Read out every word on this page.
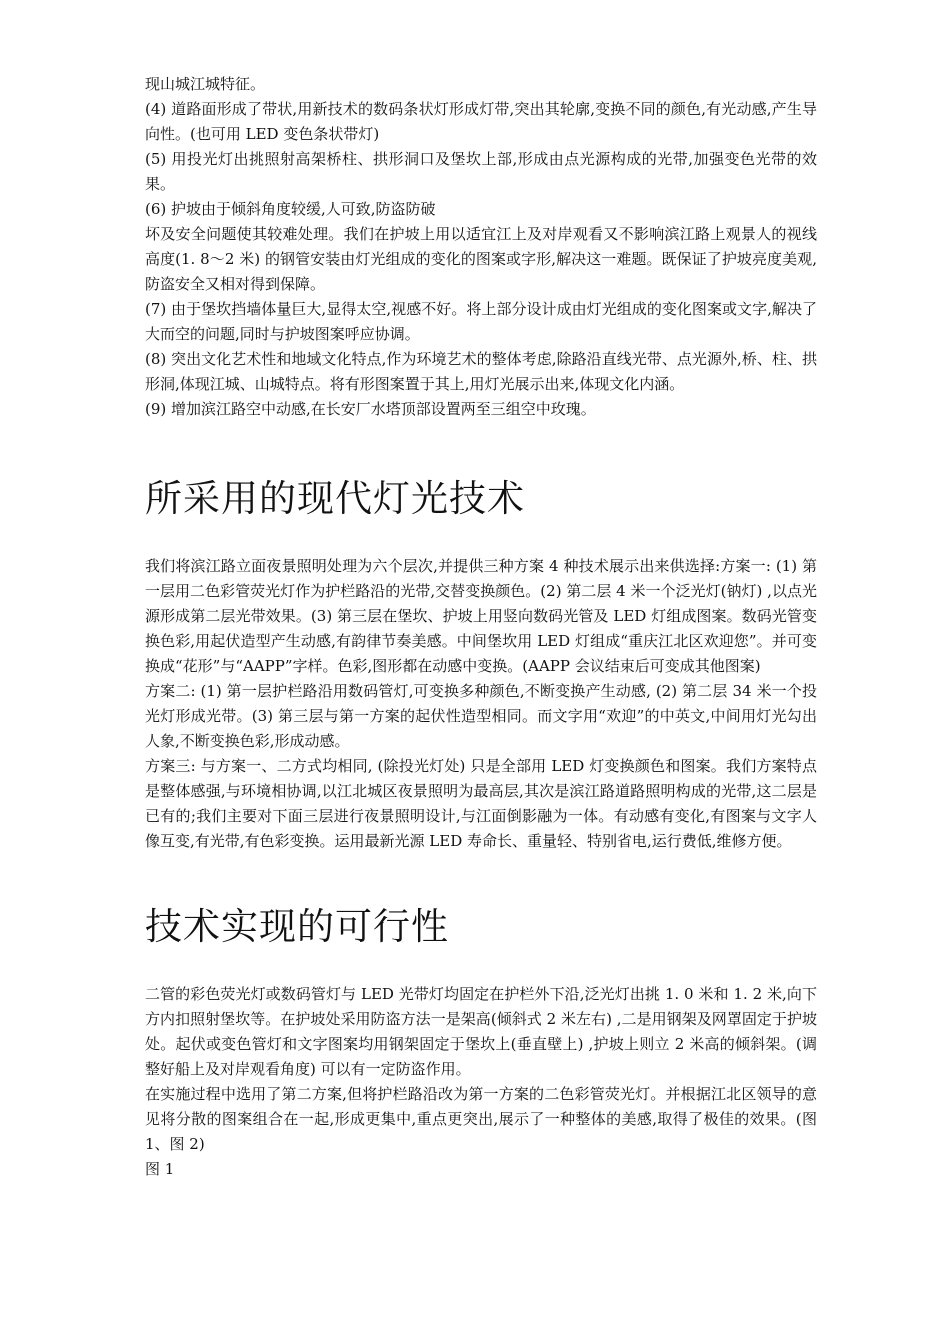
现山城江城特征。

(4) 道路面形成了带状,用新技术的数码条状灯形成灯带,突出其轮廓,变换不同的颜色,有光动感,产生导向性。(也可用 LED 变色条状带灯)

(5) 用投光灯出挑照射高架桥柱、拱形洞口及堡坎上部,形成由点光源构成的光带,加强变色光带的效果。

(6) 护坡由于倾斜角度较缓,人可致,防盗防破

坏及安全问题使其较难处理。我们在护坡上用以适宜江上及对岸观看又不影响滨江路上观景人的视线高度(1. 8～2 米) 的钢管安装由灯光组成的变化的图案或字形,解决这一难题。既保证了护坡亮度美观,防盗安全又相对得到保障。

(7) 由于堡坎挡墙体量巨大,显得太空,视感不好。将上部分设计成由灯光组成的变化图案或文字,解决了大而空的问题,同时与护坡图案呼应协调。

(8) 突出文化艺术性和地域文化特点,作为环境艺术的整体考虑,除路沿直线光带、点光源外,桥、柱、拱形洞,体现江城、山城特点。将有形图案置于其上,用灯光展示出来,体现文化内涵。

(9) 增加滨江路空中动感,在长安厂水塔顶部设置两至三组空中玫瑰。

所采用的现代灯光技术

我们将滨江路立面夜景照明处理为六个层次,并提供三种方案 4 种技术展示出来供选择:方案一: (1) 第一层用二色彩管荧光灯作为护栏路沿的光带,交替变换颜色。(2) 第二层 4 米一个泛光灯(钠灯) ,以点光源形成第二层光带效果。(3) 第三层在堡坎、护坡上用竖向数码光管及 LED 灯组成图案。数码光管变换色彩,用起伏造型产生动感,有韵律节奏美感。中间堡坎用 LED 灯组成“重庆江北区欢迎您”。并可变换成“花形”与“AAPP”字样。色彩,图形都在动感中变换。(AAPP 会议结束后可变成其他图案)

方案二: (1) 第一层护栏路沿用数码管灯,可变换多种颜色,不断变换产生动感, (2) 第二层 34 米一个投光灯形成光带。(3) 第三层与第一方案的起伏性造型相同。而文字用“欢迎”的中英文,中间用灯光勾出人象,不断变换色彩,形成动感。

方案三: 与方案一、二方式均相同, (除投光灯处) 只是全部用 LED 灯变换颜色和图案。我们方案特点是整体感强,与环境相协调,以江北城区夜景照明为最高层,其次是滨江路道路照明构成的光带,这二层是已有的;我们主要对下面三层进行夜景照明设计,与江面倒影融为一体。有动感有变化,有图案与文字人像互变,有光带,有色彩变换。运用最新光源 LED 寿命长、重量轻、特别省电,运行费低,维修方便。

技术实现的可行性

二管的彩色荧光灯或数码管灯与 LED 光带灯均固定在护栏外下沿,泛光灯出挑 1. 0 米和 1. 2 米,向下方内扣照射堡坎等。在护坡处采用防盗方法一是架高(倾斜式 2 米左右) ,二是用钢架及网罩固定于护坡处。起伏或变色管灯和文字图案均用钢架固定于堡坎上(垂直壁上) ,护坡上则立 2 米高的倾斜架。(调整好船上及对岸观看角度) 可以有一定防盗作用。

在实施过程中选用了第二方案,但将护栏路沿改为第一方案的二色彩管荧光灯。并根据江北区领导的意见将分散的图案组合在一起,形成更集中,重点更突出,展示了一种整体的美感,取得了极佳的效果。(图 1、图 2)

图 1
